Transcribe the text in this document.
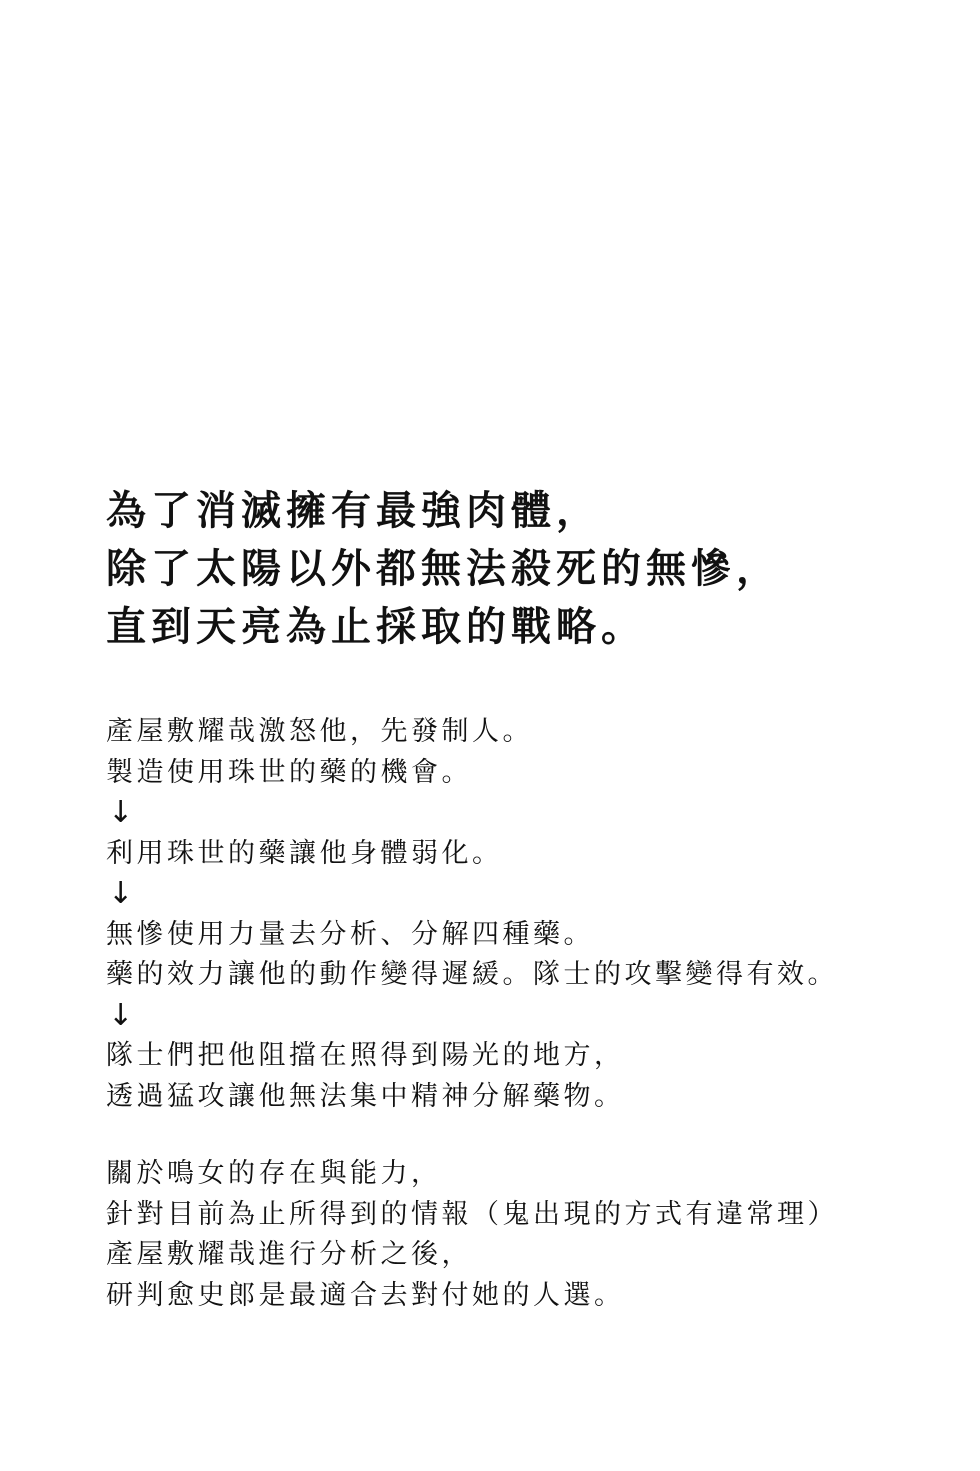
為了消滅擁有最強肉體，
除了太陽以外都無法殺死的無慘，
直到天亮為止採取的戰略。
產屋敷耀哉激怒他，先發制人。
製造使用珠世的藥的機會。
↓
利用珠世的藥讓他身體弱化。
↓
無慘使用力量去分析、分解四種藥。
藥的效力讓他的動作變得遲緩。隊士的攻擊變得有效。
↓
隊士們把他阻擋在照得到陽光的地方，
透過猛攻讓他無法集中精神分解藥物。
關於鳴女的存在與能力，
針對目前為止所得到的情報（鬼出現的方式有違常理）
產屋敷耀哉進行分析之後，
研判愈史郎是最適合去對付她的人選。
